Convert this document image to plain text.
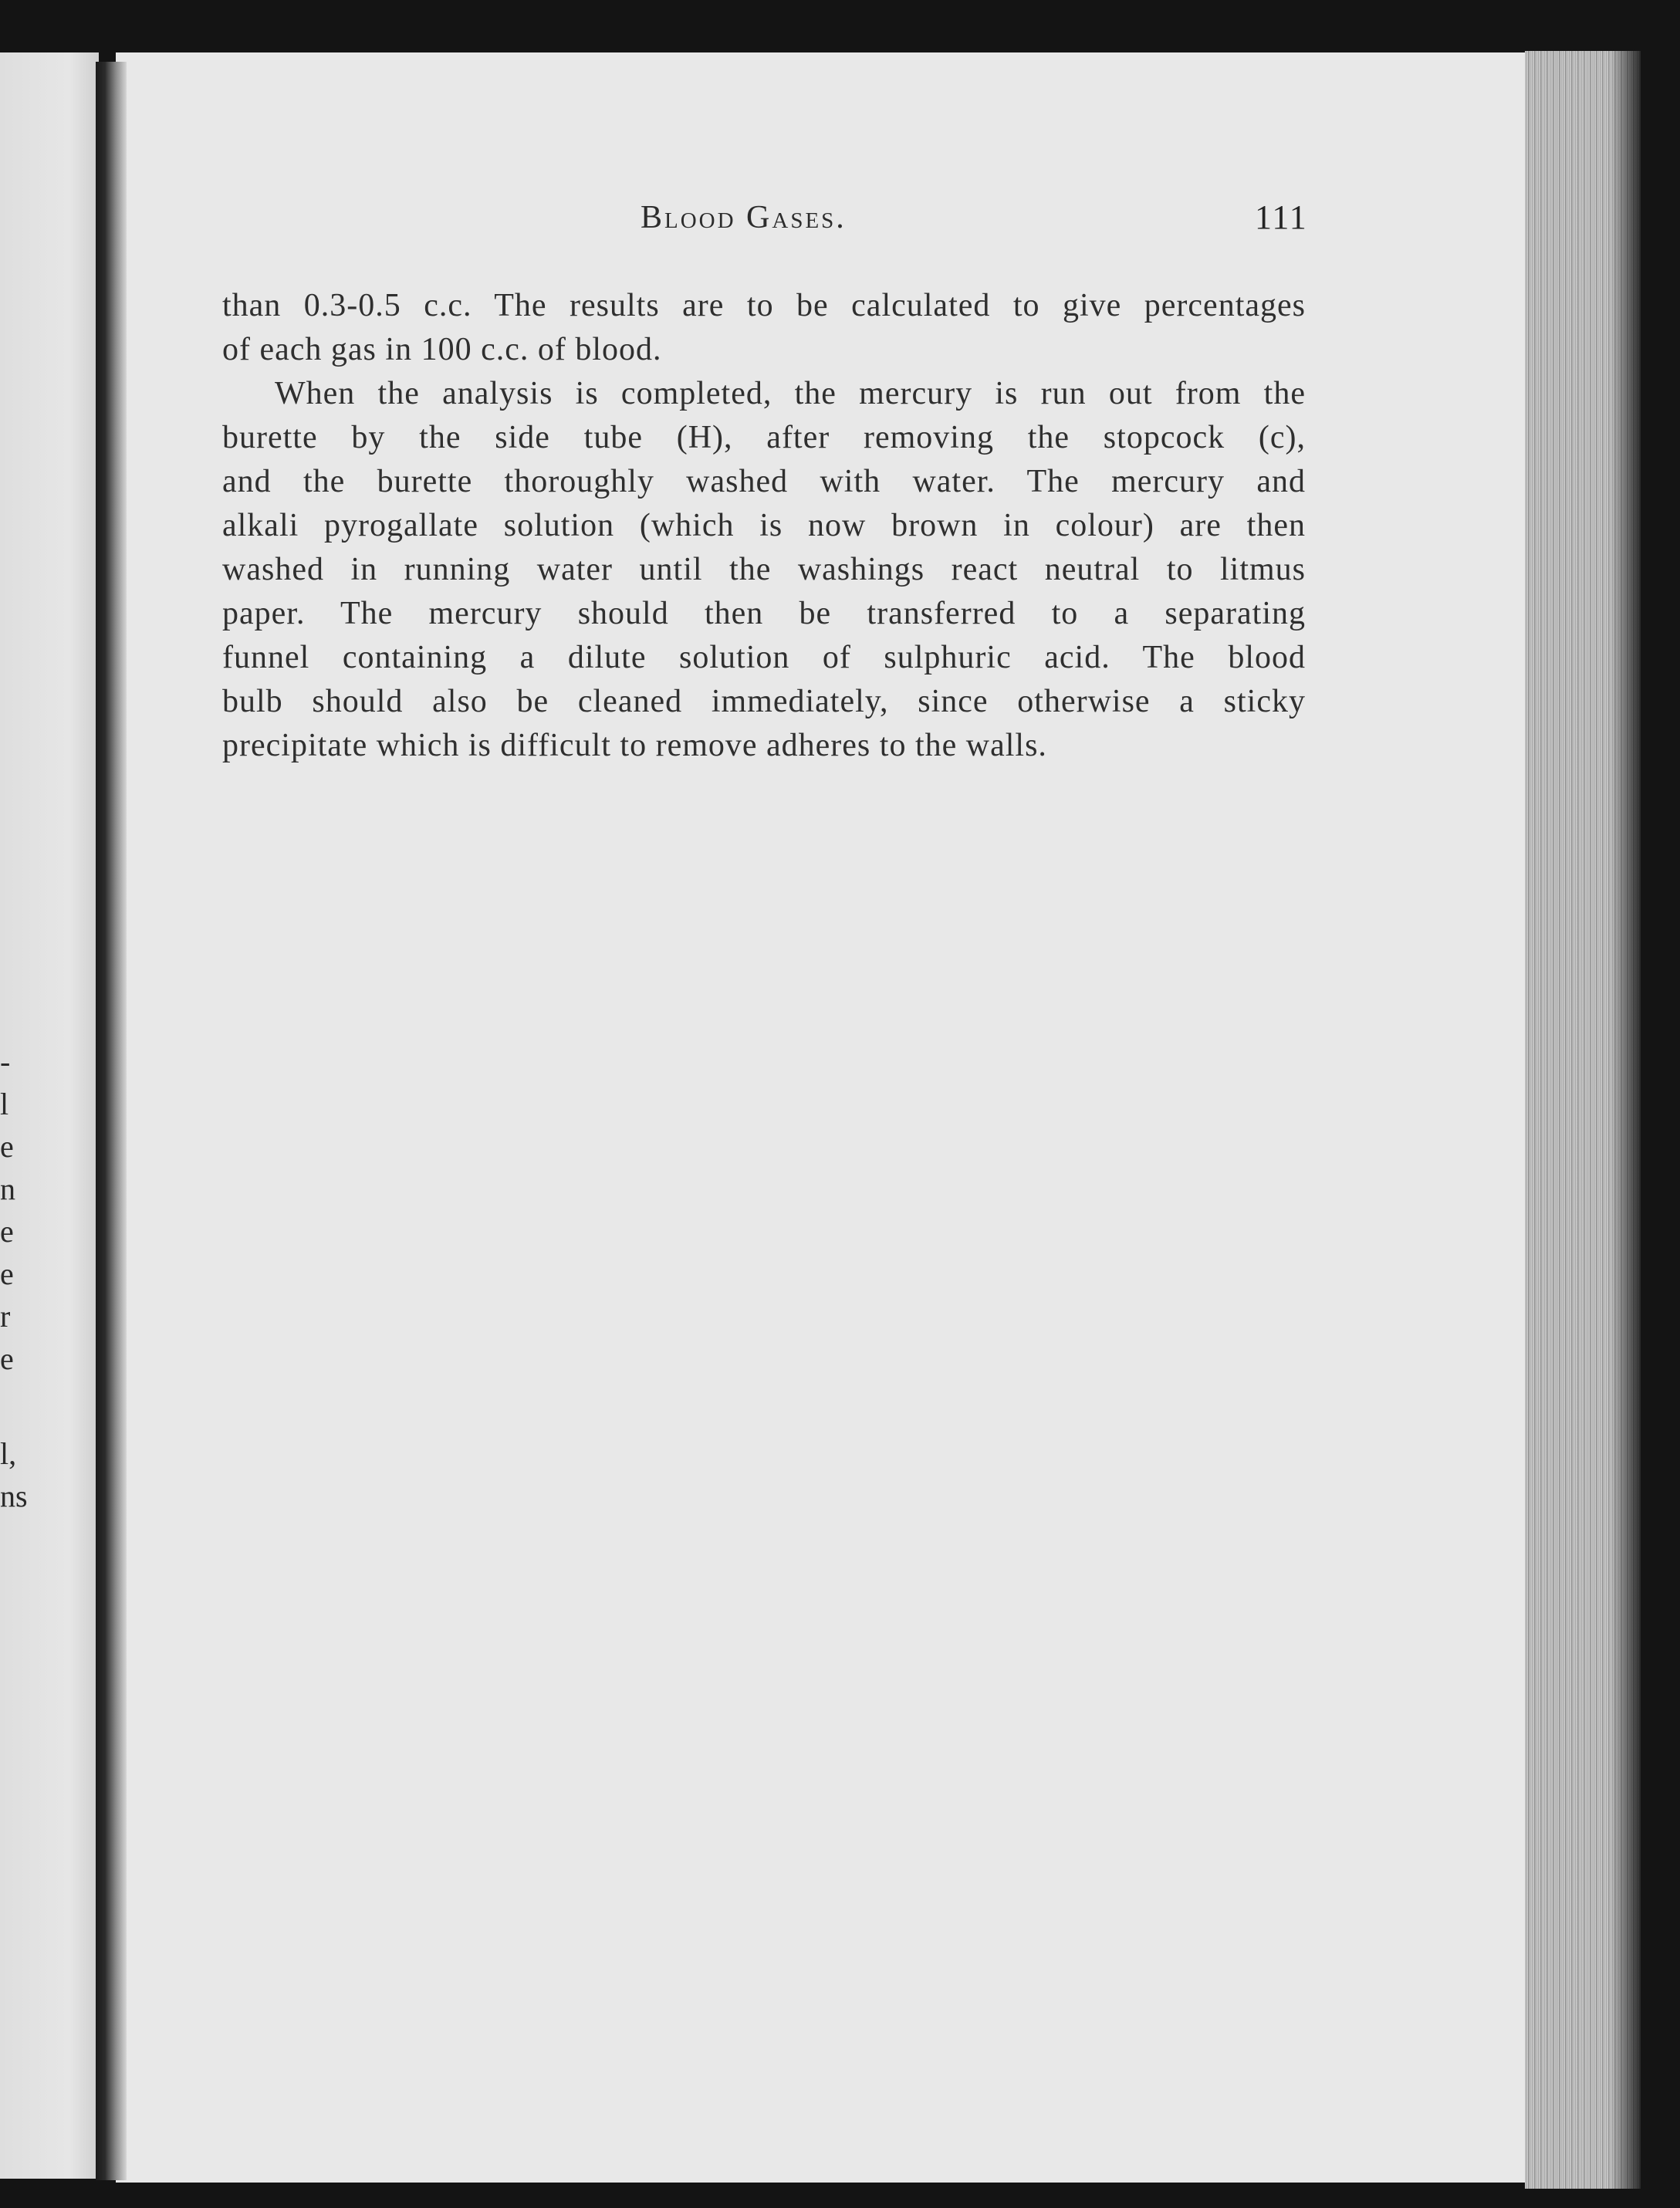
-
l
e
n
e
e
r
e
l,
ns
Blood Gases.	111
than 0.3-0.5 c.c. The results are to be calculated to give percentages
of each gas in 100 c.c. of blood.
When the analysis is completed, the mercury is run out from the
burette by the side tube (H), after removing the stopcock (c),
and the burette thoroughly washed with water. The mercury and
alkali pyrogallate solution (which is now brown in colour) are then
washed in running water until the washings react neutral to litmus
paper. The mercury should then be transferred to a separating
funnel containing a dilute solution of sulphuric acid. The blood
bulb should also be cleaned immediately, since otherwise a sticky
precipitate which is difficult to remove adheres to the walls.
